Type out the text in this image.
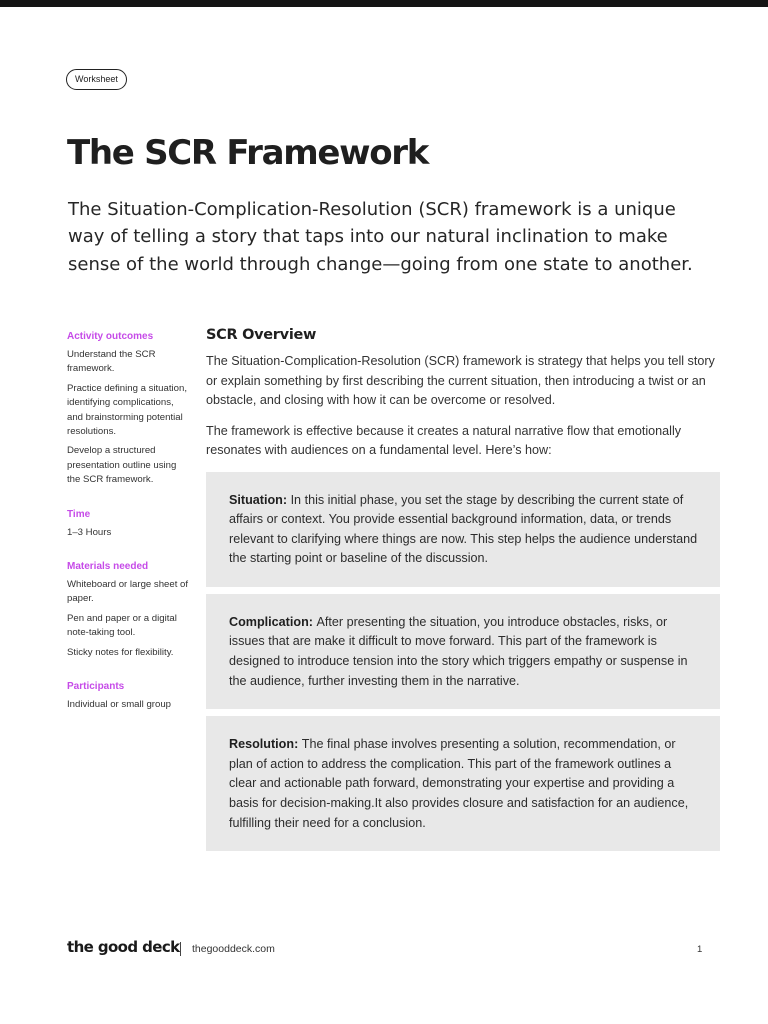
Worksheet
The SCR Framework

The Situation-Complication-Resolution (SCR) framework is a unique way of telling a story that taps into our natural inclination to make sense of the world through change—going from one state to another.

Activity outcomes
Understand the SCR framework.
Practice defining a situation, identifying complications, and brainstorming potential resolutions.
Develop a structured presentation outline using the SCR framework.
Time
1–3 Hours
Materials needed
Whiteboard or large sheet of paper.
Pen and paper or a digital note-taking tool.
Sticky notes for flexibility.
Participants
Individual or small group
SCR Overview

The Situation-Complication-Resolution (SCR) framework is strategy that helps you tell story or explain something by first describing the current situation, then introducing a twist or an obstacle, and closing with how it can be overcome or resolved.

The framework is effective because it creates a natural narrative flow that emotionally resonates with audiences on a fundamental level. Here’s how:

Situation: In this initial phase, you set the stage by describing the current state of affairs or context. You provide essential background information, data, or trends relevant to clarifying where things are now. This step helps the audience understand the starting point or baseline of the discussion.
Complication: After presenting the situation, you introduce obstacles, risks, or issues that are make it difficult to move forward. This part of the framework is designed to introduce tension into the story which triggers empathy or suspense in the audience, further investing them in the narrative.
Resolution: The final phase involves presenting a solution, recommendation, or plan of action to address the complication. This part of the framework outlines a clear and actionable path forward, demonstrating your expertise and providing a basis for decision-making.It also provides closure and satisfaction for an audience, fulfilling their need for a conclusion.
the good deck thegooddeck.com	1
